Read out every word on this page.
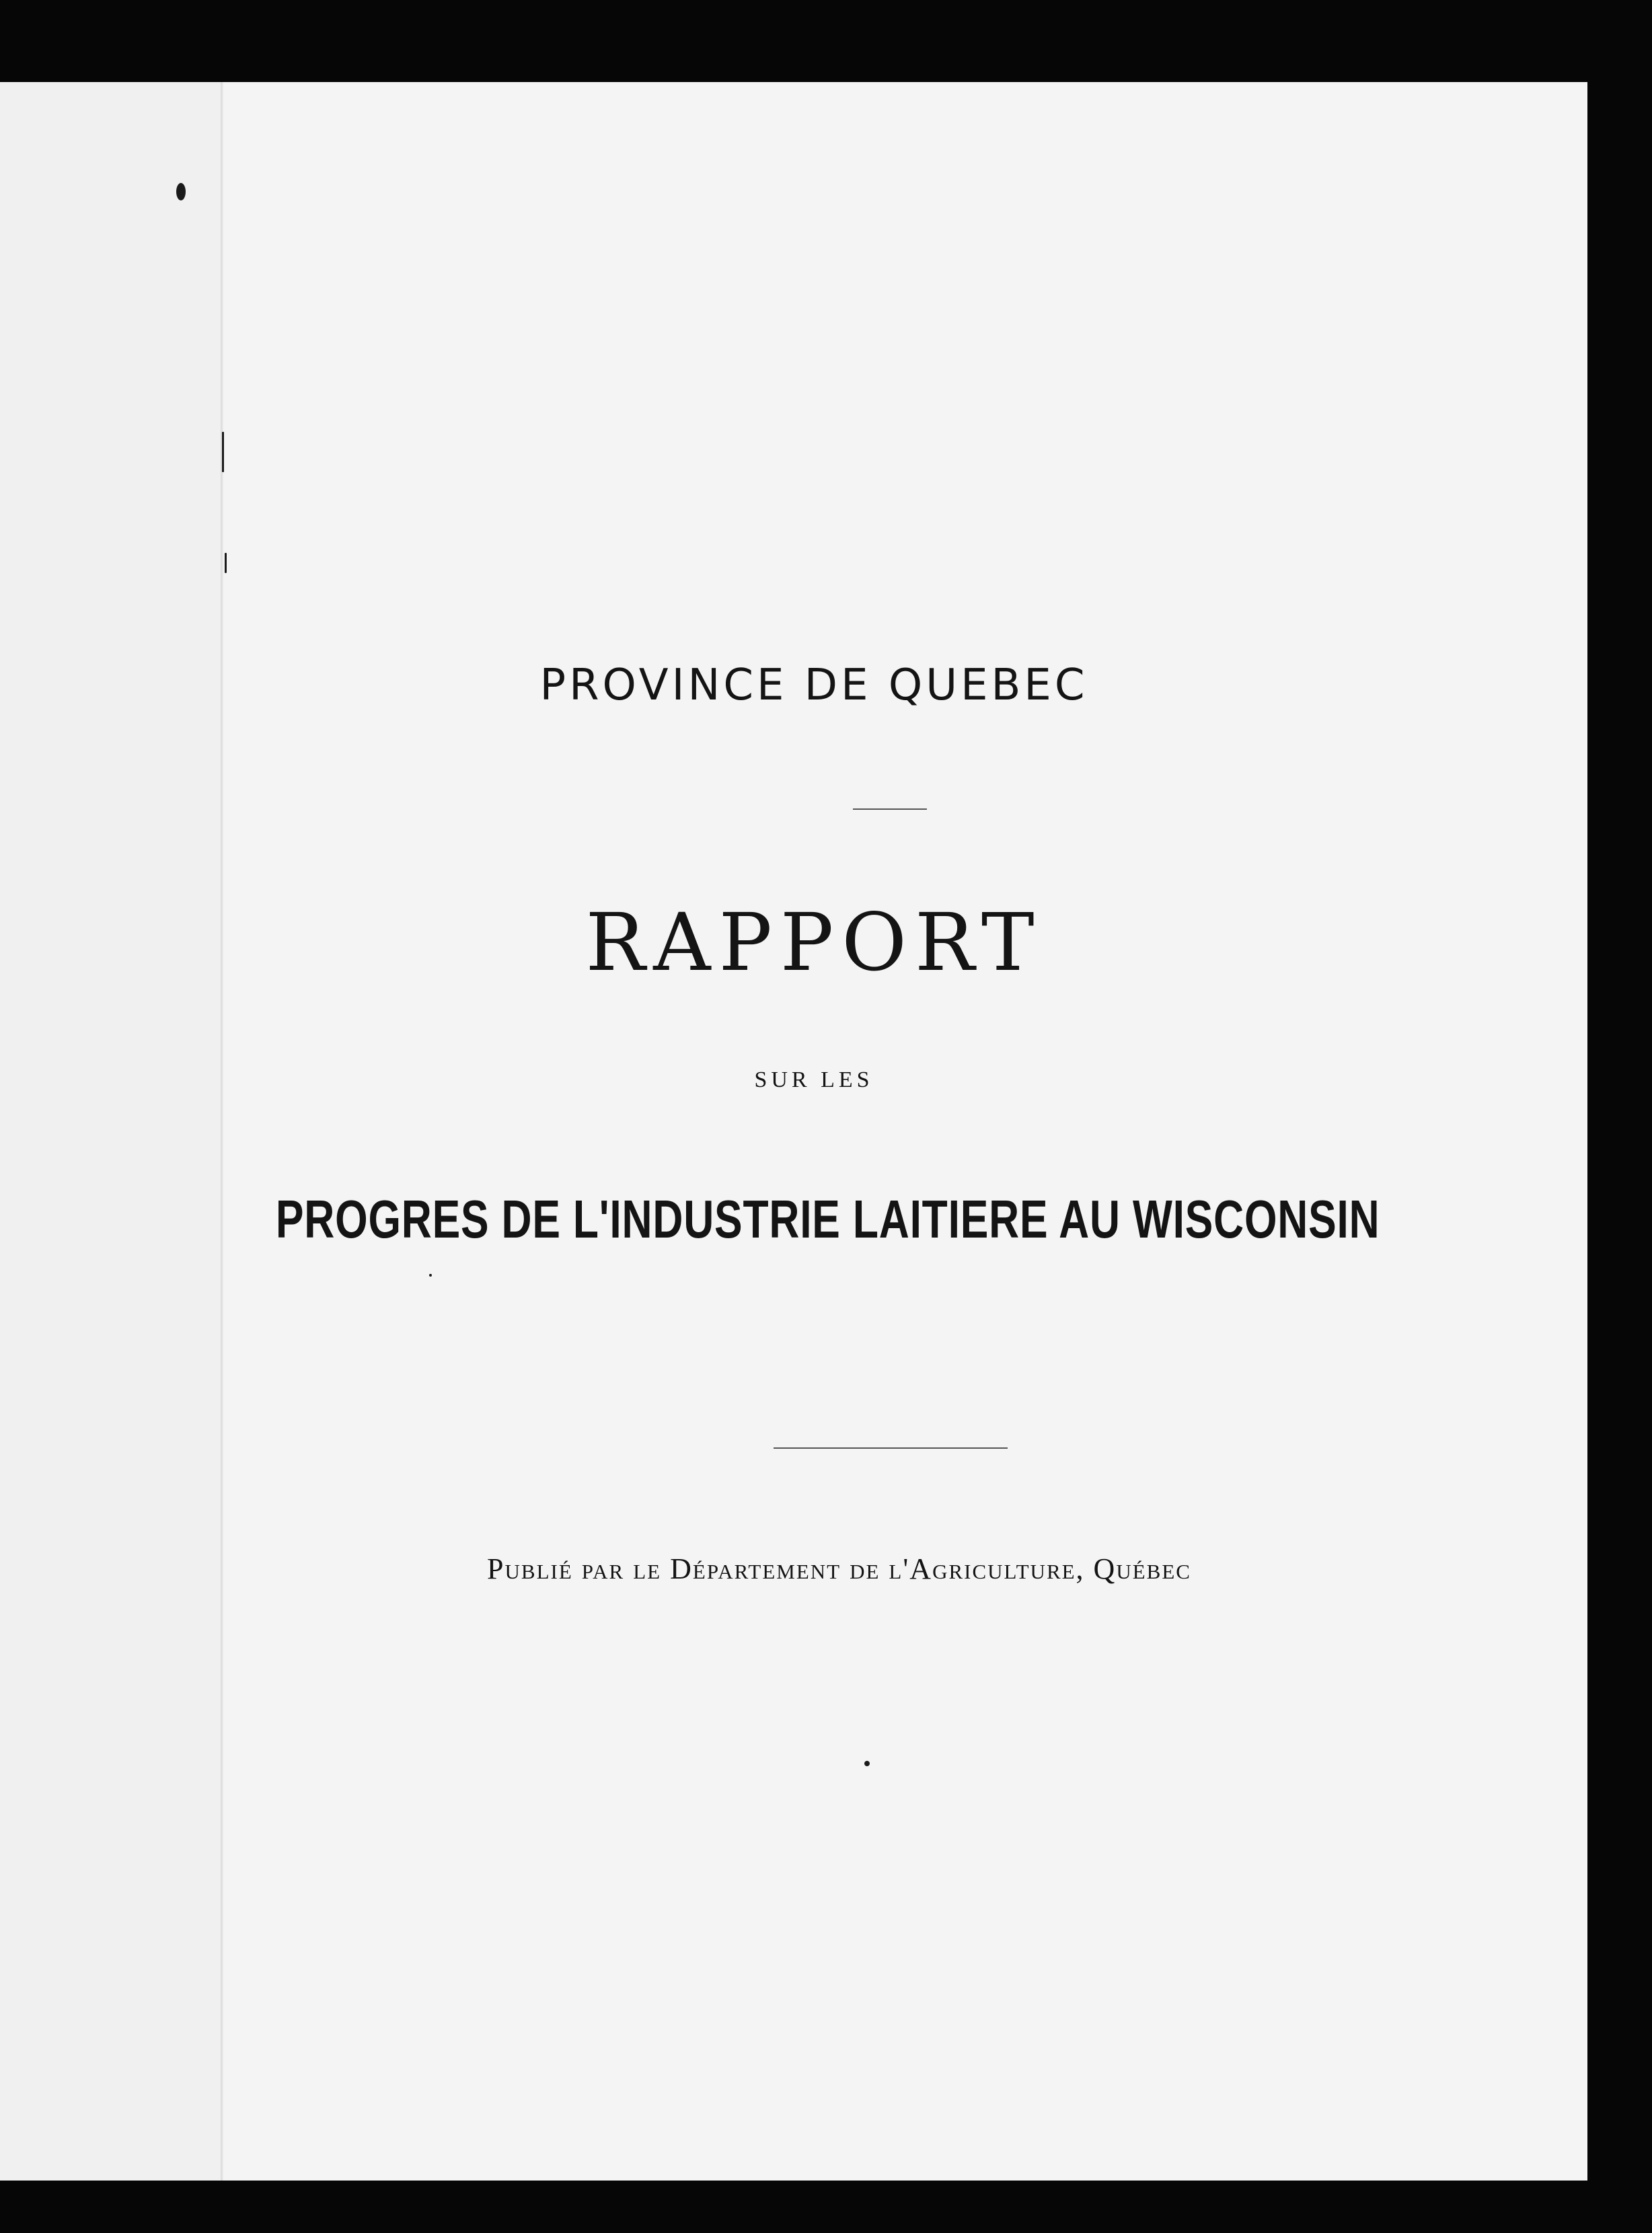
PROVINCE DE QUEBEC

RAPPORT

SUR LES

PROGRES DE L'INDUSTRIE LAITIERE AU WISCONSIN

Publié par le Département de l'Agriculture, Québec
